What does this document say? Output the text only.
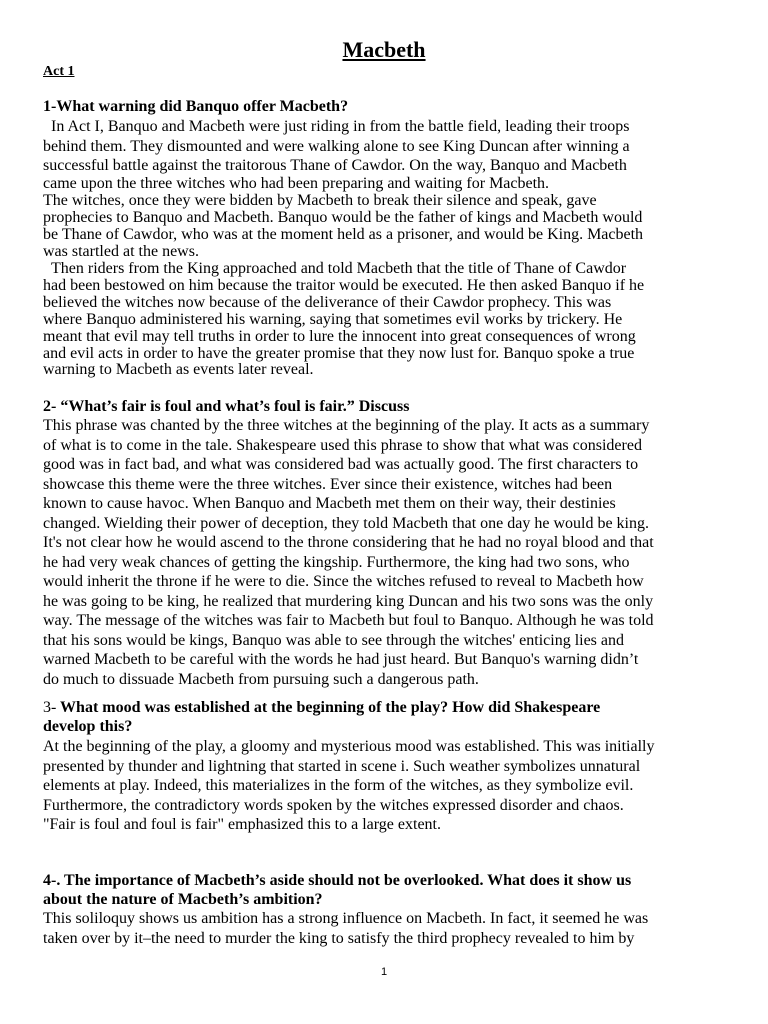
Macbeth
Act 1
1-What warning did Banquo offer Macbeth?
In Act I, Banquo and Macbeth were just riding in from the battle field, leading their troops
behind them. They dismounted and were walking alone to see King Duncan after winning a
successful battle against the traitorous Thane of Cawdor. On the way, Banquo and Macbeth
came upon the three witches who had been preparing and waiting for Macbeth.
The witches, once they were bidden by Macbeth to break their silence and speak, gave
prophecies to Banquo and Macbeth. Banquo would be the father of kings and Macbeth would
be Thane of Cawdor, who was at the moment held as a prisoner, and would be King. Macbeth
was startled at the news.
Then riders from the King approached and told Macbeth that the title of Thane of Cawdor
had been bestowed on him because the traitor would be executed. He then asked Banquo if he
believed the witches now because of the deliverance of their Cawdor prophecy. This was
where Banquo administered his warning, saying that sometimes evil works by trickery. He
meant that evil may tell truths in order to lure the innocent into great consequences of wrong
and evil acts in order to have the greater promise that they now lust for. Banquo spoke a true
warning to Macbeth as events later reveal.
2- “What’s fair is foul and what’s foul is fair.” Discuss
This phrase was chanted by the three witches at the beginning of the play. It acts as a summary
of what is to come in the tale. Shakespeare used this phrase to show that what was considered
good was in fact bad, and what was considered bad was actually good. The first characters to
showcase this theme were the three witches. Ever since their existence, witches had been
known to cause havoc. When Banquo and Macbeth met them on their way, their destinies
changed. Wielding their power of deception, they told Macbeth that one day he would be king.
It's not clear how he would ascend to the throne considering that he had no royal blood and that
he had very weak chances of getting the kingship. Furthermore, the king had two sons, who
would inherit the throne if he were to die. Since the witches refused to reveal to Macbeth how
he was going to be king, he realized that murdering king Duncan and his two sons was the only
way. The message of the witches was fair to Macbeth but foul to Banquo. Although he was told
that his sons would be kings, Banquo was able to see through the witches' enticing lies and
warned Macbeth to be careful with the words he had just heard. But Banquo's warning didn’t
do much to dissuade Macbeth from pursuing such a dangerous path.
3- What mood was established at the beginning of the play? How did Shakespeare
develop this?
At the beginning of the play, a gloomy and mysterious mood was established. This was initially
presented by thunder and lightning that started in scene i. Such weather symbolizes unnatural
elements at play. Indeed, this materializes in the form of the witches, as they symbolize evil.
Furthermore, the contradictory words spoken by the witches expressed disorder and chaos.
"Fair is foul and foul is fair" emphasized this to a large extent.
4-. The importance of Macbeth’s aside should not be overlooked. What does it show us
about the nature of Macbeth’s ambition?
This soliloquy shows us ambition has a strong influence on Macbeth. In fact, it seemed he was
taken over by it–the need to murder the king to satisfy the third prophecy revealed to him by
1
